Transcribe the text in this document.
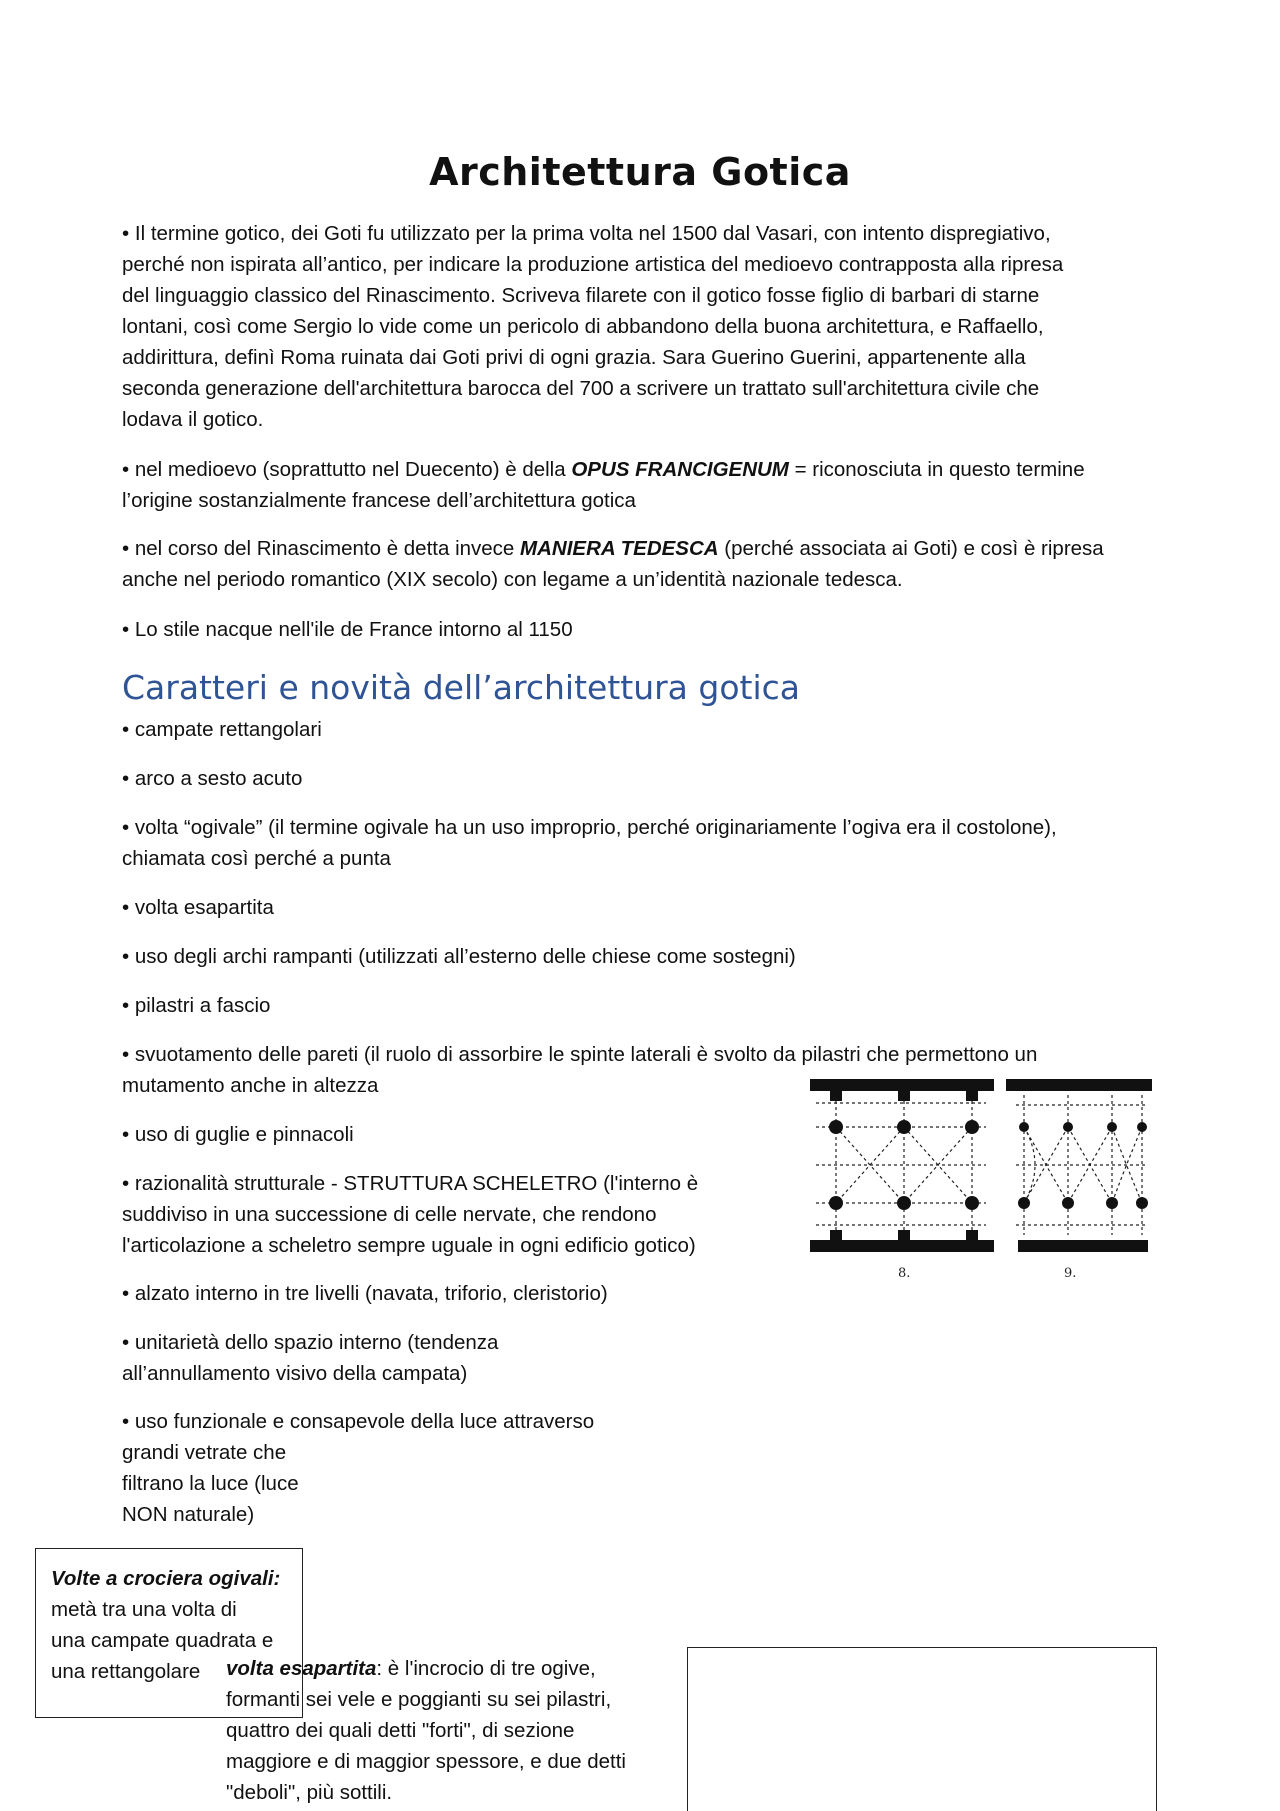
Architettura Gotica
• Il termine gotico, dei Goti fu utilizzato per la prima volta nel 1500 dal Vasari, con intento dispregiativo,
perché non ispirata all’antico, per indicare la produzione artistica del medioevo contrapposta alla ripresa
del linguaggio classico del Rinascimento. Scriveva filarete con il gotico fosse figlio di barbari di starne
lontani, così come Sergio lo vide come un pericolo di abbandono della buona architettura, e Raffaello,
addirittura, definì Roma ruinata dai Goti privi di ogni grazia. Sara Guerino Guerini, appartenente alla
seconda generazione dell'architettura barocca del 700 a scrivere un trattato sull'architettura civile che
lodava il gotico.
• nel medioevo (soprattutto nel Duecento) è della OPUS FRANCIGENUM = riconosciuta in questo termine
l’origine sostanzialmente francese dell’architettura gotica
• nel corso del Rinascimento è detta invece MANIERA TEDESCA (perché associata ai Goti) e così è ripresa
anche nel periodo romantico (XIX secolo) con legame a un’identità nazionale tedesca.
• Lo stile nacque nell'ile de France intorno al 1150
Caratteri e novità dell’architettura gotica
• campate rettangolari
• arco a sesto acuto
• volta “ogivale” (il termine ogivale ha un uso improprio, perché originariamente l’ogiva era il costolone),
chiamata così perché a punta
• volta esapartita
• uso degli archi rampanti (utilizzati all’esterno delle chiese come sostegni)
• pilastri a fascio
• svuotamento delle pareti (il ruolo di assorbire le spinte laterali è svolto da pilastri che permettono un
mutamento anche in altezza
• uso di guglie e pinnacoli
• razionalità strutturale - STRUTTURA SCHELETRO (l'interno è
suddiviso in una successione di celle nervate, che rendono
l'articolazione a scheletro sempre uguale in ogni edificio gotico)
• alzato interno in tre livelli (navata, triforio, cleristorio)
• unitarietà dello spazio interno (tendenza
all’annullamento visivo della campata)
• uso funzionale e consapevole della luce attraverso
grandi vetrate che
filtrano la luce (luce
NON naturale)
8.	9.
Volte a crociera ogivali:
metà tra una volta di
una campate quadrata e
una rettangolare	volta esapartita: è l'incrocio di tre ogive,
formanti sei vele e poggianti su sei pilastri,
quattro dei quali detti "forti", di sezione
maggiore e di maggior spessore, e due detti
"deboli", più sottili.
